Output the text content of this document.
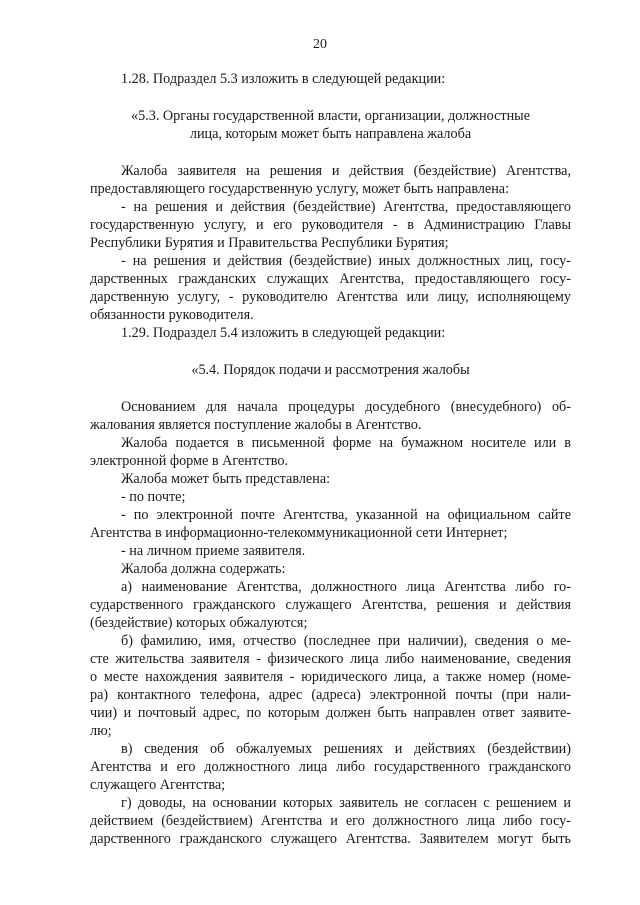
20

1.28. Подраздел 5.3 изложить в следующей редакции:

«5.3. Органы государственной власти, организации, должностные
лица, которым может быть направлена жалоба

Жалоба заявителя на решения и действия (бездействие) Агентства,
предоставляющего государственную услугу, может быть направлена:

- на решения и действия (бездействие) Агентства, предоставляющего
государственную услугу, и его руководителя - в Администрацию Главы
Республики Бурятия и Правительства Республики Бурятия;

- на решения и действия (бездействие) иных должностных лиц, госу-
дарственных гражданских служащих Агентства, предоставляющего госу-
дарственную услугу, - руководителю Агентства или лицу, исполняющему
обязанности руководителя.

1.29. Подраздел 5.4 изложить в следующей редакции:

«5.4. Порядок подачи и рассмотрения жалобы

Основанием для начала процедуры досудебного (внесудебного) об-
жалования является поступление жалобы в Агентство.

Жалоба подается в письменной форме на бумажном носителе или в
электронной форме в Агентство.

Жалоба может быть представлена:

- по почте;

- по электронной почте Агентства, указанной на официальном сайте
Агентства в информационно-телекоммуникационной сети Интернет;

- на личном приеме заявителя.

Жалоба должна содержать:

а) наименование Агентства, должностного лица Агентства либо го-
сударственного гражданского служащего Агентства, решения и действия
(бездействие) которых обжалуются;

б) фамилию, имя, отчество (последнее при наличии), сведения о ме-
сте жительства заявителя - физического лица либо наименование, сведения
о месте нахождения заявителя - юридического лица, а также номер (номе-
ра) контактного телефона, адрес (адреса) электронной почты (при нали-
чии) и почтовый адрес, по которым должен быть направлен ответ заявите-
лю;

в) сведения об обжалуемых решениях и действиях (бездействии)
Агентства и его должностного лица либо государственного гражданского
служащего Агентства;

г) доводы, на основании которых заявитель не согласен с решением и
действием (бездействием) Агентства и его должностного лица либо госу-
дарственного гражданского служащего Агентства. Заявителем могут быть
